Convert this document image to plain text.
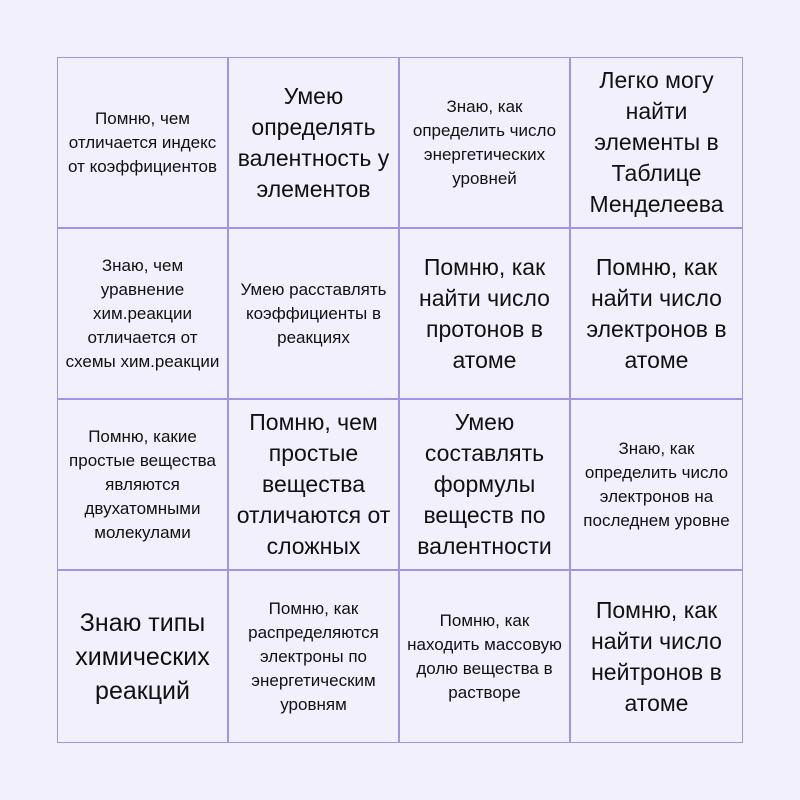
Помню, чем отличается индекс от коэффициентов
Умею определять валентность у элементов
Знаю, как определить число энергетических уровней
Легко могу найти элементы в Таблице Менделеева
Знаю, чем уравнение хим.реакции отличается от схемы хим.реакции
Умею расставлять коэффициенты в реакциях
Помню, как найти число протонов в атоме
Помню, как найти число электронов в атоме
Помню, какие простые вещества являются двухатомными молекулами
Помню, чем простые вещества отличаются от сложных
Умею составлять формулы веществ по валентности
Знаю, как определить число электронов на последнем уровне
Знаю типы химических реакций
Помню, как распределяются электроны по энергетическим уровням
Помню, как находить массовую долю вещества в растворе
Помню, как найти число нейтронов в атоме
